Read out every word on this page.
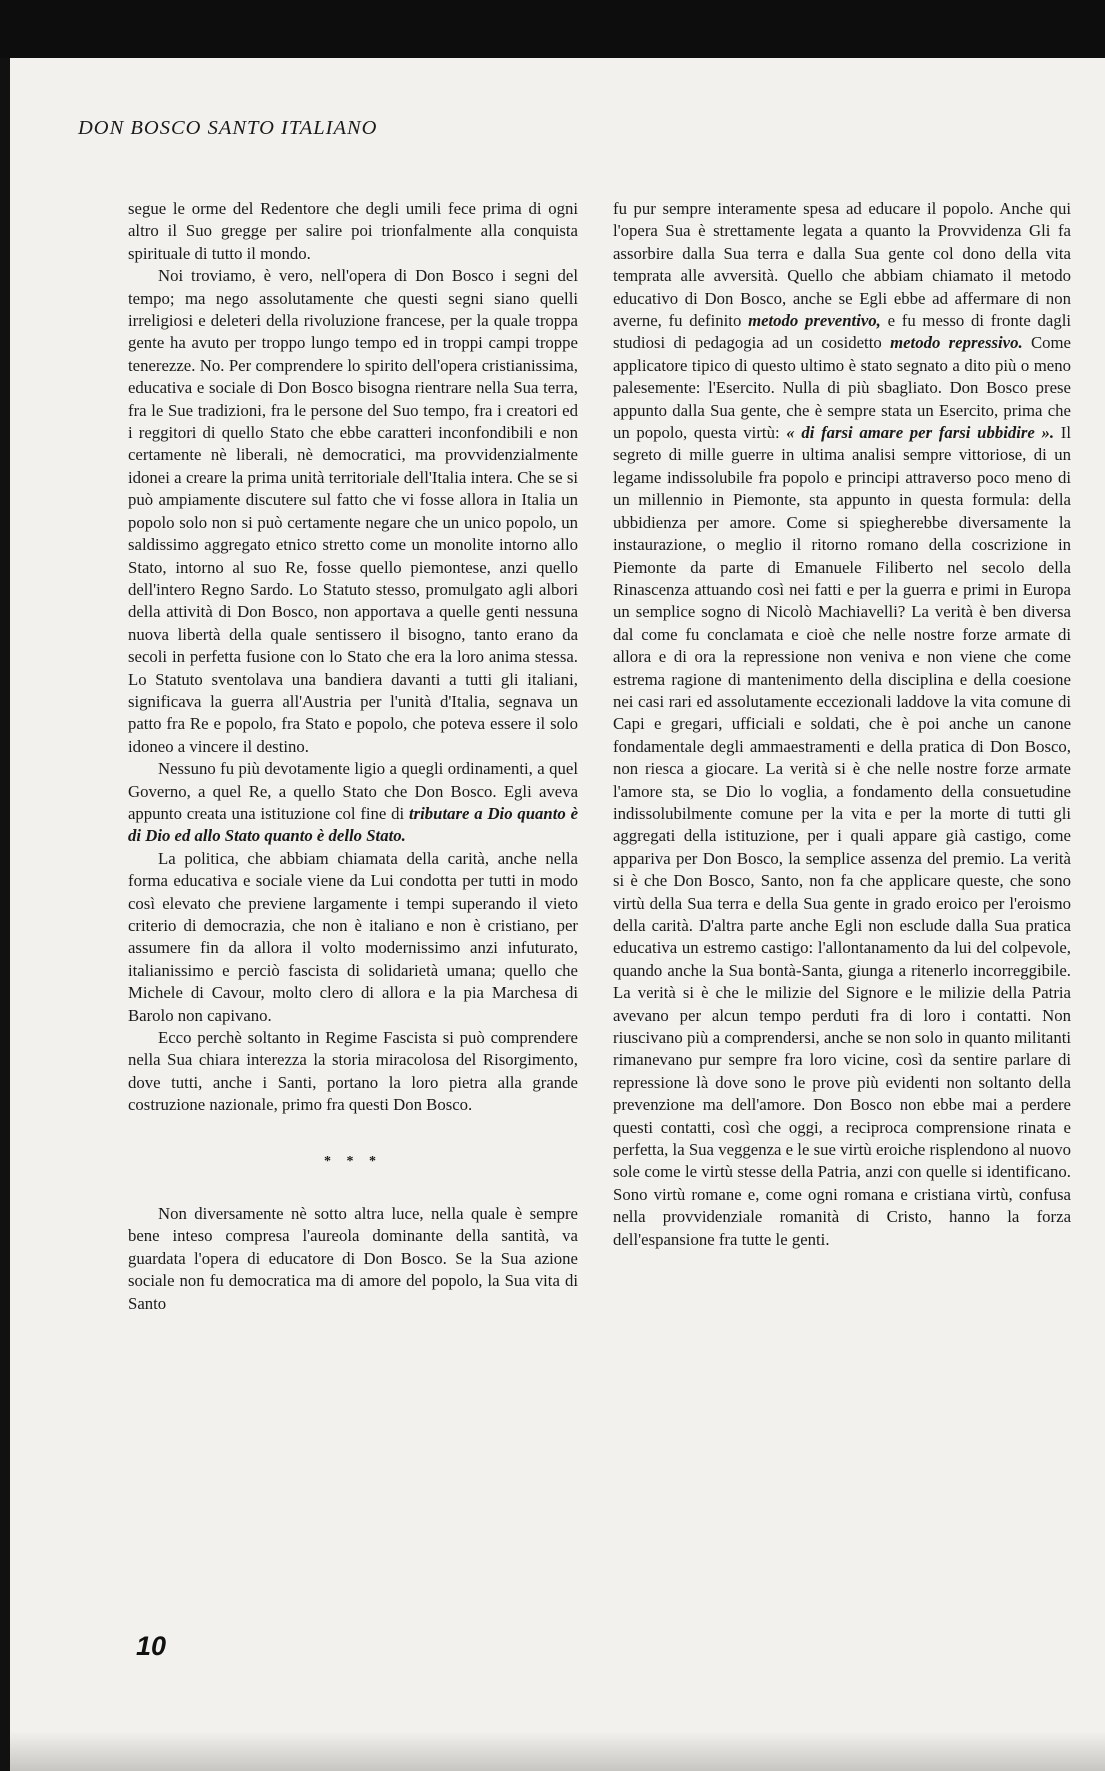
DON BOSCO SANTO ITALIANO

segue le orme del Redentore che degli umili fece prima di ogni altro il Suo gregge per salire poi trionfalmente alla conquista spirituale di tutto il mondo.

Noi troviamo, è vero, nell'opera di Don Bosco i segni del tempo; ma nego assolutamente che questi segni siano quelli irreligiosi e deleteri della rivoluzione francese, per la quale troppa gente ha avuto per troppo lungo tempo ed in troppi campi troppe tenerezze. No. Per comprendere lo spirito dell'opera cristianissima, educativa e sociale di Don Bosco bisogna rientrare nella Sua terra, fra le Sue tradizioni, fra le persone del Suo tempo, fra i creatori ed i reggitori di quello Stato che ebbe caratteri inconfondibili e non certamente nè liberali, nè democratici, ma provvidenzialmente idonei a creare la prima unità territoriale dell'Italia intera. Che se si può ampiamente discutere sul fatto che vi fosse allora in Italia un popolo solo non si può certamente negare che un unico popolo, un saldissimo aggregato etnico stretto come un monolite intorno allo Stato, intorno al suo Re, fosse quello piemontese, anzi quello dell'intero Regno Sardo. Lo Statuto stesso, promulgato agli albori della attività di Don Bosco, non apportava a quelle genti nessuna nuova libertà della quale sentissero il bisogno, tanto erano da secoli in perfetta fusione con lo Stato che era la loro anima stessa. Lo Statuto sventolava una bandiera davanti a tutti gli italiani, significava la guerra all'Austria per l'unità d'Italia, segnava un patto fra Re e popolo, fra Stato e popolo, che poteva essere il solo idoneo a vincere il destino.

Nessuno fu più devotamente ligio a quegli ordinamenti, a quel Governo, a quel Re, a quello Stato che Don Bosco. Egli aveva appunto creata una istituzione col fine di tributare a Dio quanto è di Dio ed allo Stato quanto è dello Stato.

La politica, che abbiam chiamata della carità, anche nella forma educativa e sociale viene da Lui condotta per tutti in modo così elevato che previene largamente i tempi superando il vieto criterio di democrazia, che non è italiano e non è cristiano, per assumere fin da allora il volto modernissimo anzi infuturato, italianissimo e perciò fascista di solidarietà umana; quello che Michele di Cavour, molto clero di allora e la pia Marchesa di Barolo non capivano.

Ecco perchè soltanto in Regime Fascista si può comprendere nella Sua chiara interezza la storia miracolosa del Risorgimento, dove tutti, anche i Santi, portano la loro pietra alla grande costruzione nazionale, primo fra questi Don Bosco.

* * *

Non diversamente nè sotto altra luce, nella quale è sempre bene inteso compresa l'aureola dominante della santità, va guardata l'opera di educatore di Don Bosco. Se la Sua azione sociale non fu democratica ma di amore del popolo, la Sua vita di Santo

fu pur sempre interamente spesa ad educare il popolo. Anche qui l'opera Sua è strettamente legata a quanto la Provvidenza Gli fa assorbire dalla Sua terra e dalla Sua gente col dono della vita temprata alle avversità. Quello che abbiam chiamato il metodo educativo di Don Bosco, anche se Egli ebbe ad affermare di non averne, fu definito metodo preventivo, e fu messo di fronte dagli studiosi di pedagogia ad un cosidetto metodo repressivo. Come applicatore tipico di questo ultimo è stato segnato a dito più o meno palesemente: l'Esercito. Nulla di più sbagliato. Don Bosco prese appunto dalla Sua gente, che è sempre stata un Esercito, prima che un popolo, questa virtù: « di farsi amare per farsi ubbidire ». Il segreto di mille guerre in ultima analisi sempre vittoriose, di un legame indissolubile fra popolo e principi attraverso poco meno di un millennio in Piemonte, sta appunto in questa formula: della ubbidienza per amore. Come si spiegherebbe diversamente la instaurazione, o meglio il ritorno romano della coscrizione in Piemonte da parte di Emanuele Filiberto nel secolo della Rinascenza attuando così nei fatti e per la guerra e primi in Europa un semplice sogno di Nicolò Machiavelli? La verità è ben diversa dal come fu conclamata e cioè che nelle nostre forze armate di allora e di ora la repressione non veniva e non viene che come estrema ragione di mantenimento della disciplina e della coesione nei casi rari ed assolutamente eccezionali laddove la vita comune di Capi e gregari, ufficiali e soldati, che è poi anche un canone fondamentale degli ammaestramenti e della pratica di Don Bosco, non riesca a giocare. La verità si è che nelle nostre forze armate l'amore sta, se Dio lo voglia, a fondamento della consuetudine indissolubilmente comune per la vita e per la morte di tutti gli aggregati della istituzione, per i quali appare già castigo, come appariva per Don Bosco, la semplice assenza del premio. La verità si è che Don Bosco, Santo, non fa che applicare queste, che sono virtù della Sua terra e della Sua gente in grado eroico per l'eroismo della carità. D'altra parte anche Egli non esclude dalla Sua pratica educativa un estremo castigo: l'allontanamento da lui del colpevole, quando anche la Sua bontà-Santa, giunga a ritenerlo incorreggibile. La verità si è che le milizie del Signore e le milizie della Patria avevano per alcun tempo perduti fra di loro i contatti. Non riuscivano più a comprendersi, anche se non solo in quanto militanti rimanevano pur sempre fra loro vicine, così da sentire parlare di repressione là dove sono le prove più evidenti non soltanto della prevenzione ma dell'amore. Don Bosco non ebbe mai a perdere questi contatti, così che oggi, a reciproca comprensione rinata e perfetta, la Sua veggenza e le sue virtù eroiche risplendono al nuovo sole come le virtù stesse della Patria, anzi con quelle si identificano. Sono virtù romane e, come ogni romana e cristiana virtù, confusa nella provvidenziale romanità di Cristo, hanno la forza dell'espansione fra tutte le genti.

10
